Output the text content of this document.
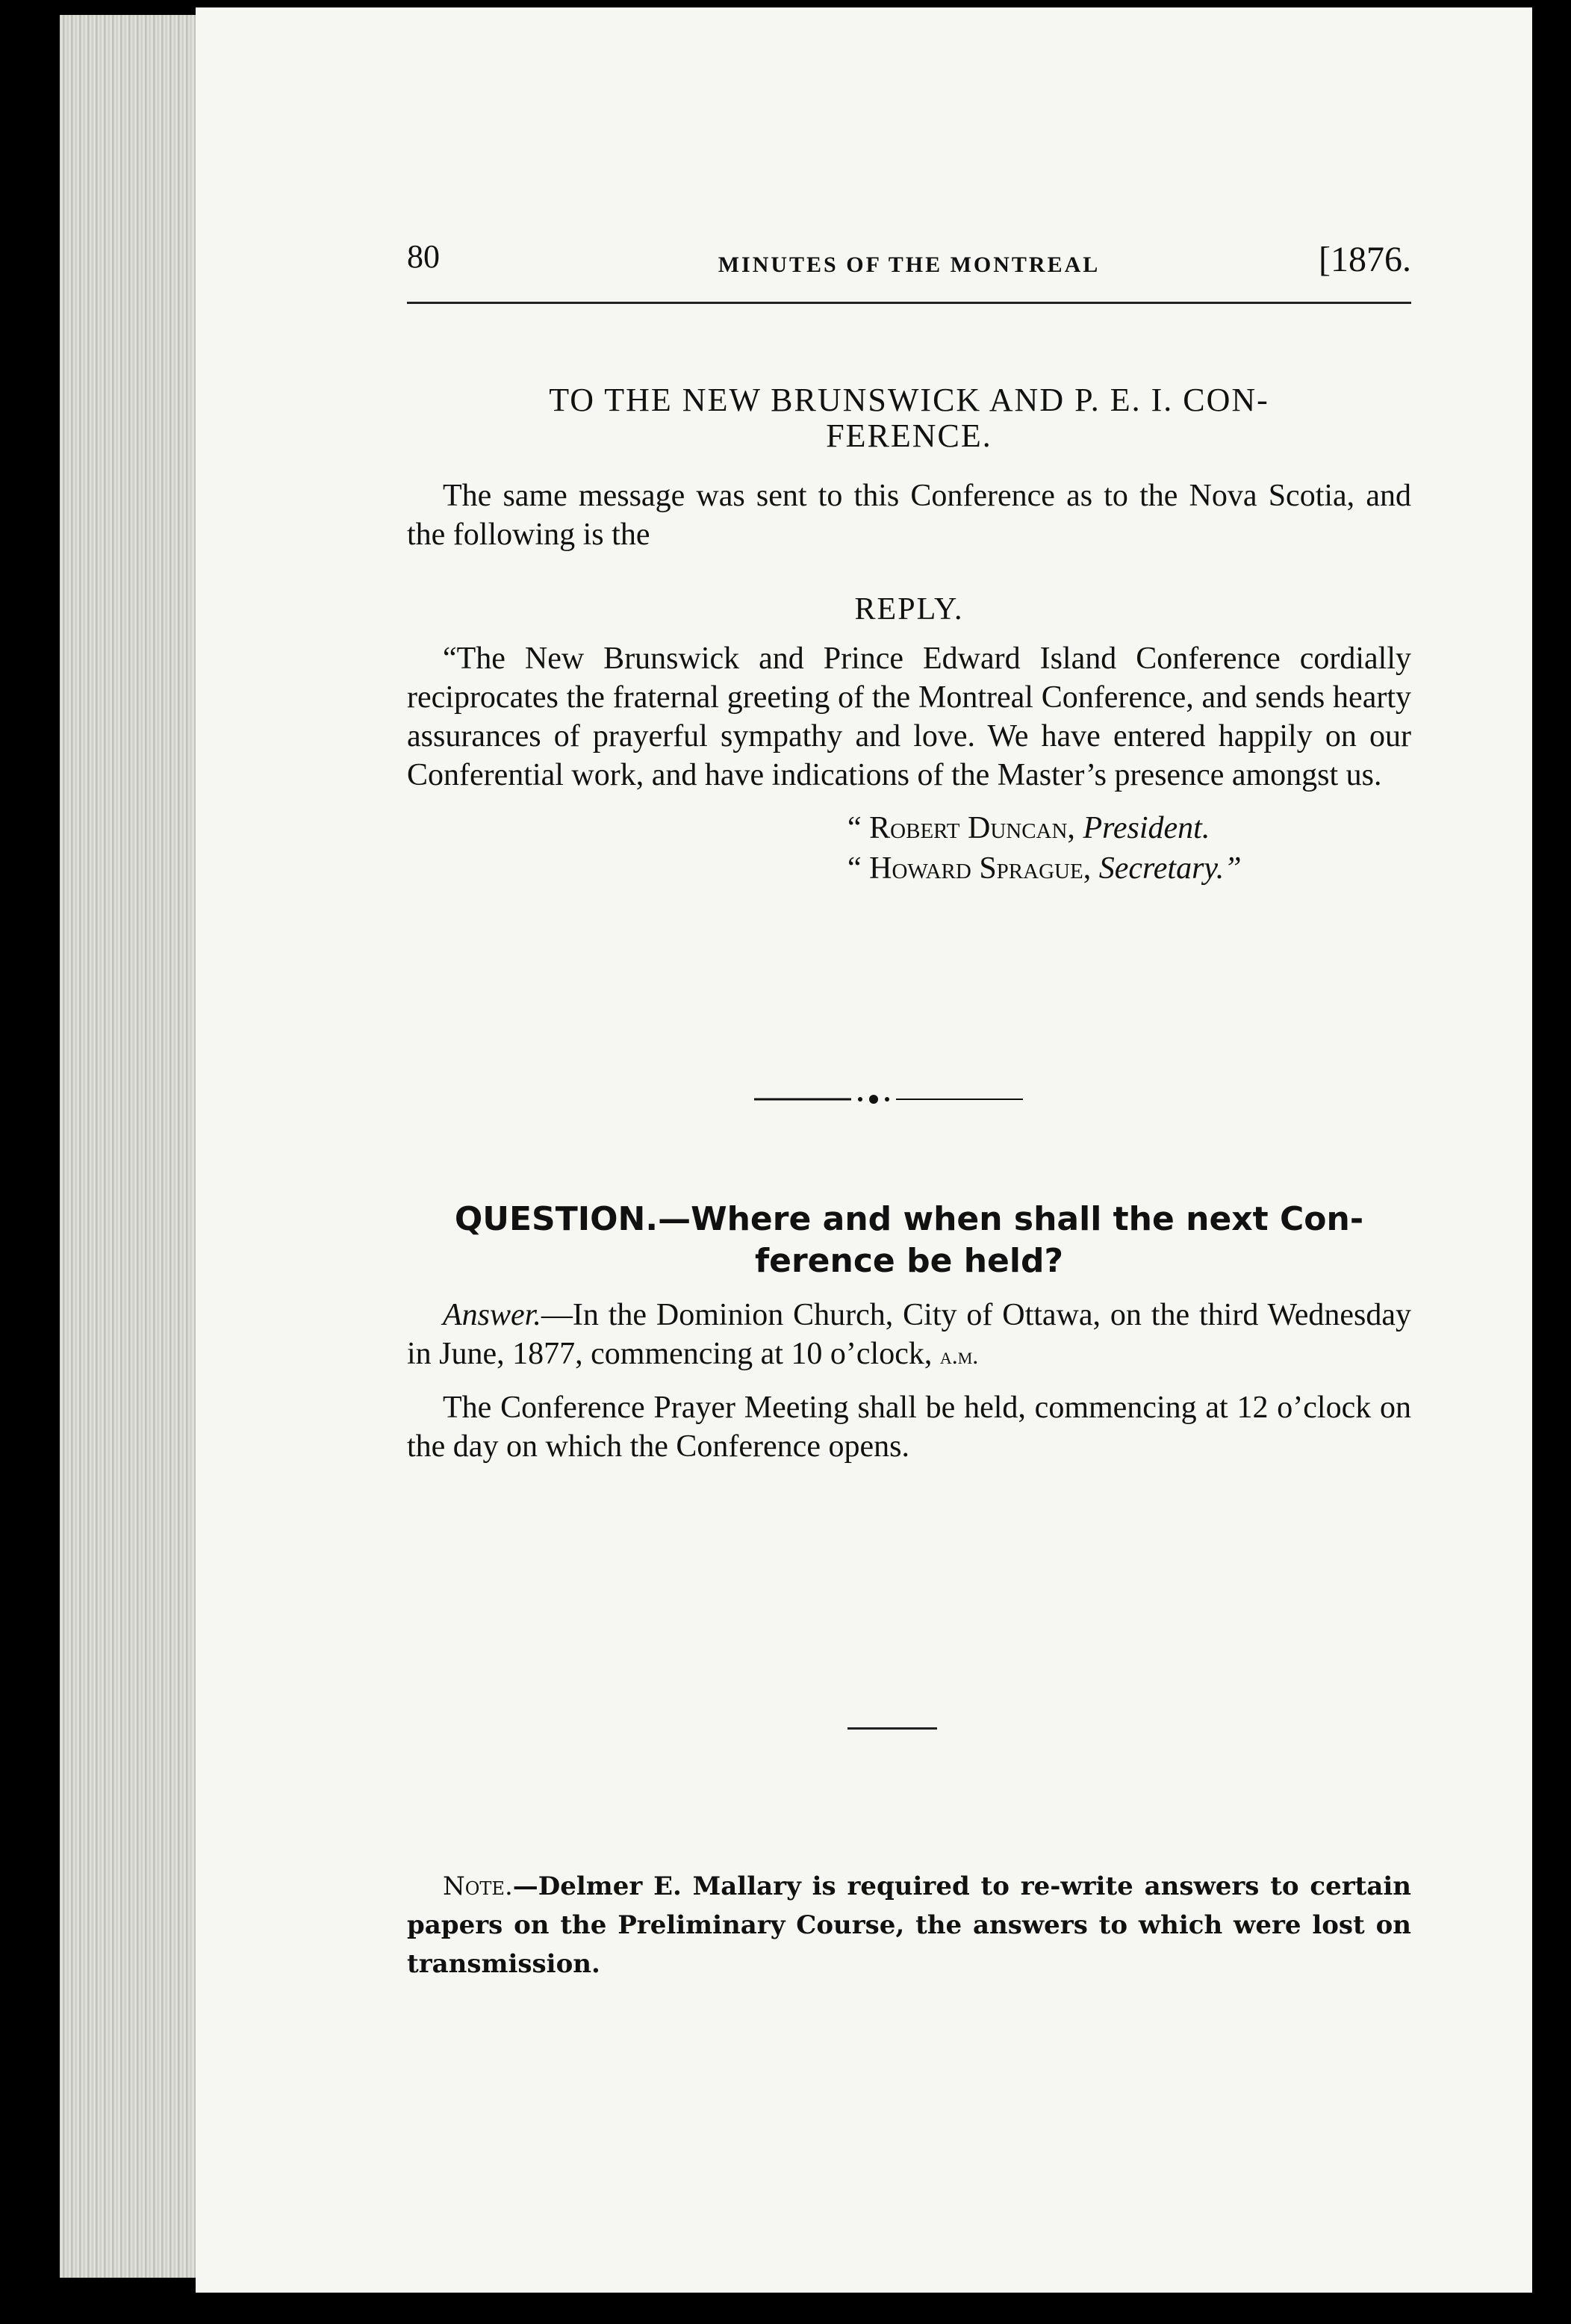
80	MINUTES OF THE MONTREAL	[1876.
TO THE NEW BRUNSWICK AND P. E. I. CON-
FERENCE.

The same message was sent to this Conference as to the Nova Scotia, and the following is the

REPLY.

“The New Brunswick and Prince Edward Island Conference cordially reciprocates the fraternal greeting of the Montreal Conference, and sends hearty assurances of prayerful sympathy and love. We have entered happily on our Conferential work, and have indications of the Master’s presence amongst us.

“ Robert Duncan, President.
“ Howard Sprague, Secretary.”
QUESTION.—Where and when shall the next Con-
ference be held?

Answer.—In the Dominion Church, City of Ottawa, on the third Wednesday in June, 1877, commencing at 10 o’clock, a.m.

The Conference Prayer Meeting shall be held, commencing at 12 o’clock on the day on which the Conference opens.

Note.—Delmer E. Mallary is required to re-write answers to certain papers on the Preliminary Course, the answers to which were lost on transmission.
